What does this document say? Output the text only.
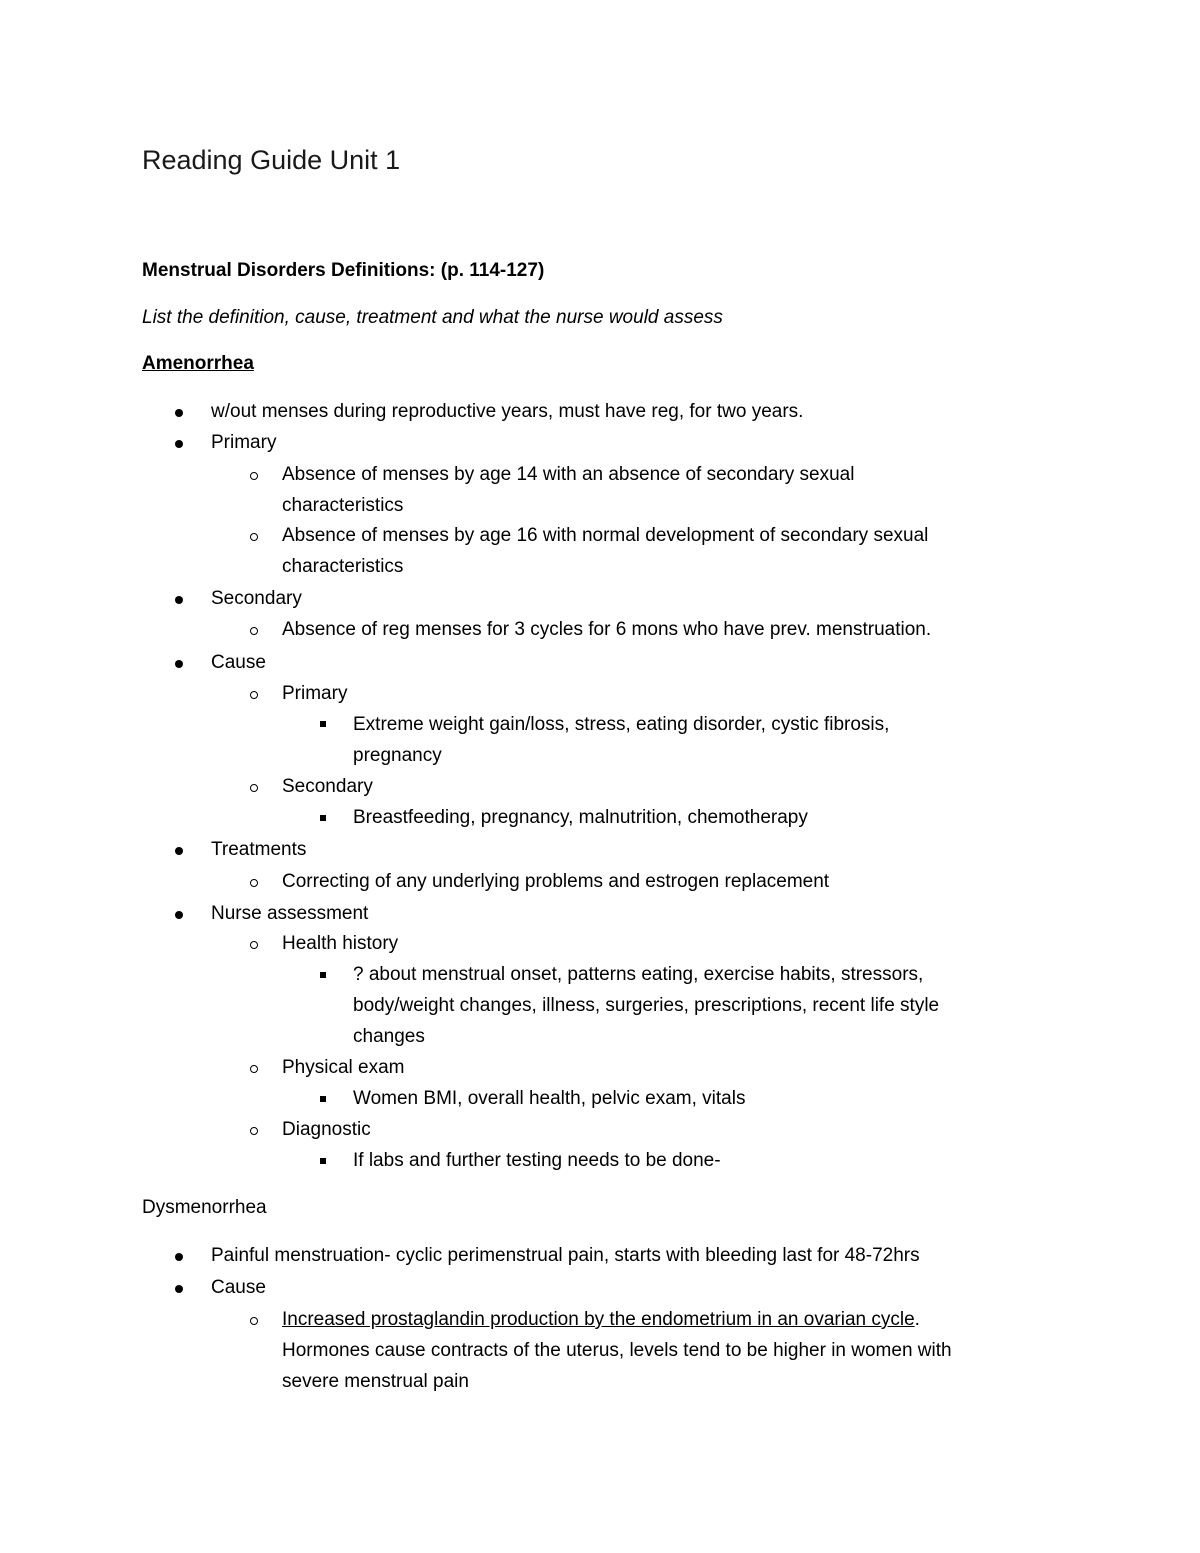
Reading Guide Unit 1
Menstrual Disorders Definitions: (p. 114-127)
List the definition, cause, treatment and what the nurse would assess
Amenorrhea
w/out menses during reproductive years, must have reg, for two years.
Primary
Absence of menses by age 14 with an absence of secondary sexual
characteristics
Absence of menses by age 16 with normal development of secondary sexual
characteristics
Secondary
Absence of reg menses for 3 cycles for 6 mons who have prev. menstruation.
Cause
Primary
Extreme weight gain/loss, stress, eating disorder, cystic fibrosis,
pregnancy
Secondary
Breastfeeding, pregnancy, malnutrition, chemotherapy
Treatments
Correcting of any underlying problems and estrogen replacement
Nurse assessment
Health history
? about menstrual onset, patterns eating, exercise habits, stressors,
body/weight changes, illness, surgeries, prescriptions, recent life style
changes
Physical exam
Women BMI, overall health, pelvic exam, vitals
Diagnostic
If labs and further testing needs to be done-
Dysmenorrhea
Painful menstruation- cyclic perimenstrual pain, starts with bleeding last for 48-72hrs
Cause
Increased prostaglandin production by the endometrium in an ovarian cycle.
Hormones cause contracts of the uterus, levels tend to be higher in women with
severe menstrual pain
